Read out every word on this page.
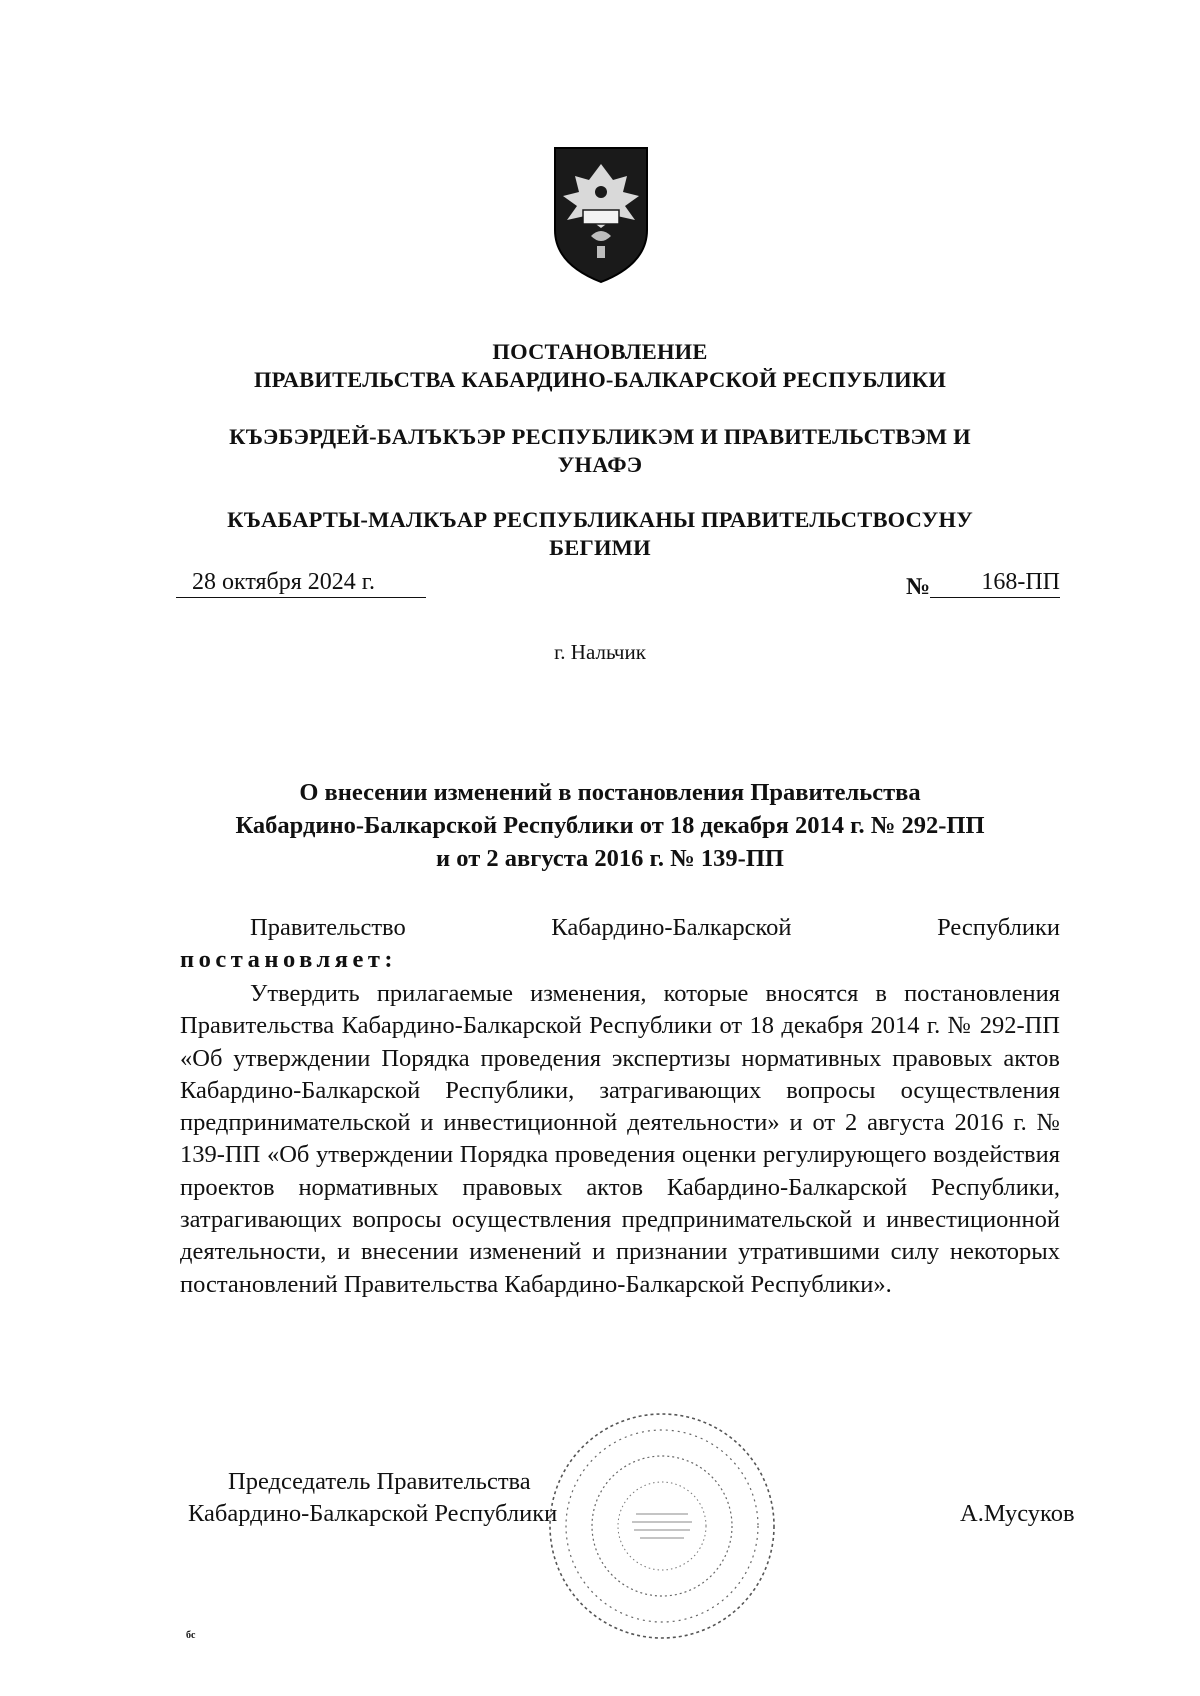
ПОСТАНОВЛЕНИЕ
ПРАВИТЕЛЬСТВА КАБАРДИНО-БАЛКАРСКОЙ РЕСПУБЛИКИ
КЪЭБЭРДЕЙ-БАЛЪКЪЭР РЕСПУБЛИКЭМ И ПРАВИТЕЛЬСТВЭМ И
УНАФЭ
КЪАБАРТЫ-МАЛКЪАР РЕСПУБЛИКАНЫ ПРАВИТЕЛЬСТВОСУНУ
БЕГИМИ
28 октября 2024 г.	№	168-ПП
г. Нальчик
О внесении изменений в постановления Правительства
Кабардино-Балкарской Республики от 18 декабря 2014 г. № 292-ПП
и от 2 августа 2016 г. № 139-ПП
Правительство	Кабардино-Балкарской	Республики
постановляет:
Утвердить прилагаемые изменения, которые вносятся в постановления Правительства Кабардино-Балкарской Республики от 18 декабря 2014 г. № 292-ПП «Об утверждении Порядка проведения экспертизы нормативных правовых актов Кабардино-Балкарской Республики, затрагивающих вопросы осуществления предпринимательской и инвестиционной деятельности» и от 2 августа 2016 г. № 139-ПП «Об утверждении Порядка проведения оценки регулирующего воздействия проектов нормативных правовых актов Кабардино-Балкарской Республики, затрагивающих вопросы осуществления предпринимательской и инвестиционной деятельности, и внесении изменений и признании утратившими силу некоторых постановлений Правительства Кабардино-Балкарской Республики».
Председатель Правительства
Кабардино-Балкарской Республики	А.Мусуков
бс
